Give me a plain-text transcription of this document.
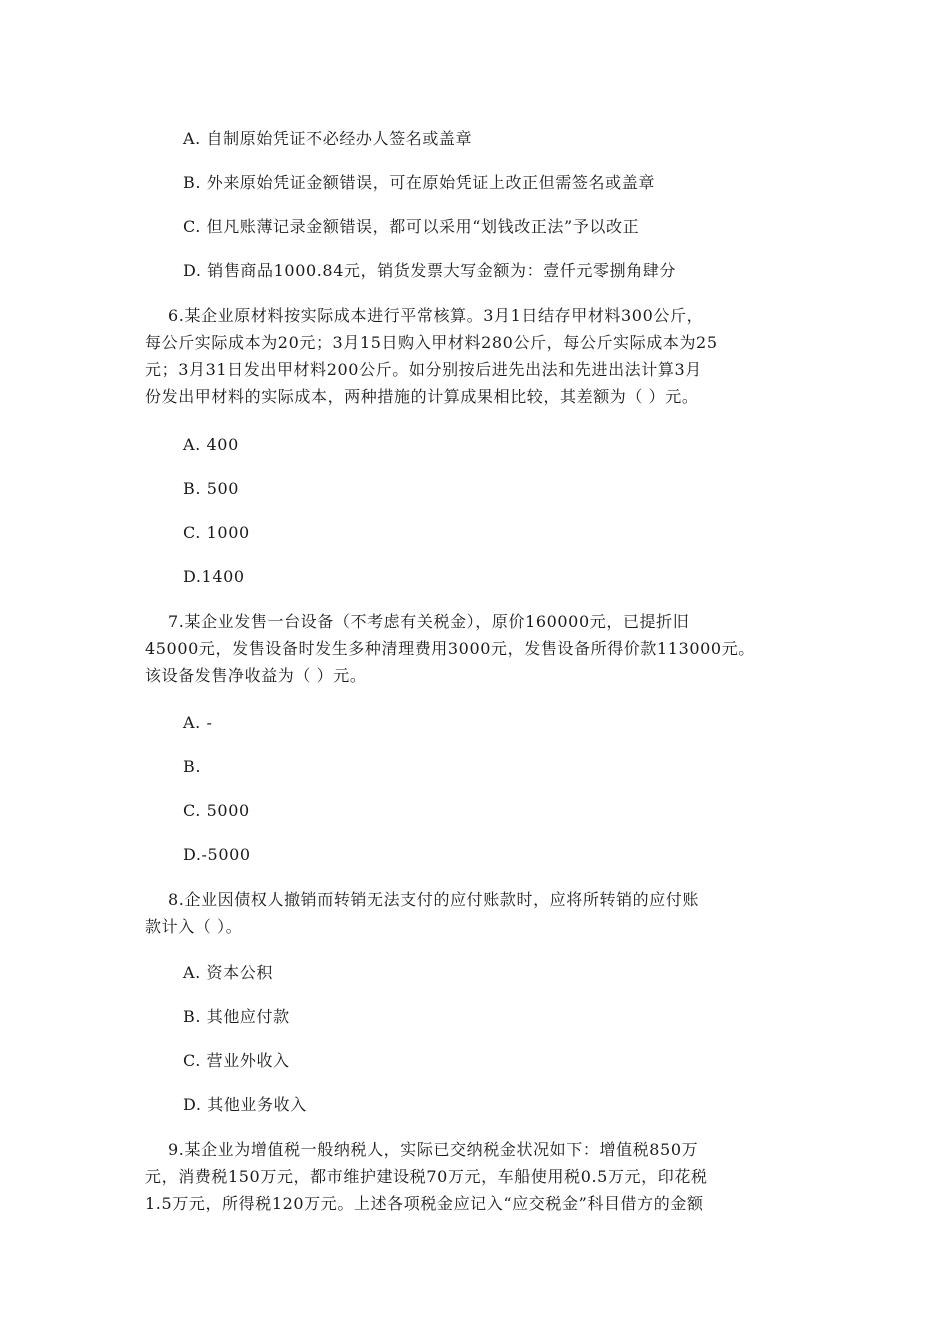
A. 自制原始凭证不必经办人签名或盖章
B. 外来原始凭证金额错误，可在原始凭证上改正但需签名或盖章
C. 但凡账薄记录金额错误，都可以采用“划钱改正法”予以改正
D. 销售商品1000.84元，销货发票大写金额为：壹仟元零捌角肆分
6.某企业原材料按实际成本进行平常核算。3月1日结存甲材料300公斤，
每公斤实际成本为20元；3月15日购入甲材料280公斤，每公斤实际成本为25
元；3月31日发出甲材料200公斤。如分别按后进先出法和先进出法计算3月
份发出甲材料的实际成本，两种措施的计算成果相比较，其差额为（ ）元。
A. 400
B. 500
C. 1000
D.1400
7.某企业发售一台设备（不考虑有关税金），原价160000元，已提折旧
45000元，发售设备时发生多种清理费用3000元，发售设备所得价款113000元。
该设备发售净收益为（ ）元。
A. -
B.
C. 5000
D.-5000
8.企业因债权人撤销而转销无法支付的应付账款时，应将所转销的应付账
款计入（ ）。
A. 资本公积
B. 其他应付款
C. 营业外收入
D. 其他业务收入
9.某企业为增值税一般纳税人，实际已交纳税金状况如下：增值税850万
元，消费税150万元，都市维护建设税70万元，车船使用税0.5万元，印花税
1.5万元，所得税120万元。上述各项税金应记入“应交税金”科目借方的金额
